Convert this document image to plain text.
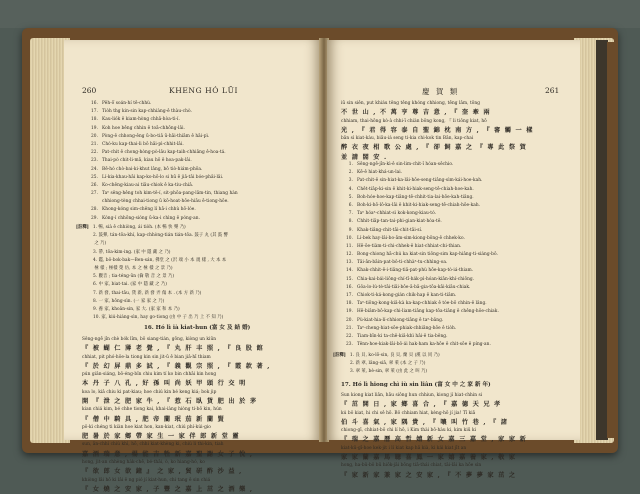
260	KHENG HÓ LŪI
16. Pêh-ō͘ soán-hí tē-chhù.
17. Tiòh thg kin-sin kap-chhiàng-ê thàu-chò.
18. Kau-lio̍k ê kiam-hòng chhâ-hòa-ti-í.
19. Koh hoe bēng chhin ê toā-chhōng-lâi.
20. Pòng-ê chhong-êng ū-bo-tiâ ū-hāi-thiām ê hāi-pì.
21. Chó-ku kap-thai-li bô hāi-pì-chhit-lâi.
22. Pat-chit ê chong-hòng-pò-lâu kap-taih-chhiāng ê-hoa-tá.
23. Thai-pò chit-li-mā, kiau hō ê hoa-pak-lâi.
24. Bē-hó chò-bai-ki-khut lâng, bô tiò-hiám-phōa.
25. Lí-kia-khau-hāi kap-ko-hō-lo si hū ē jiâ-tāi bóe-phâi-lâi.
26. Ko-chêng-kiau-ai tiāu-chiok ê ka-tiu-chiâ.
27. Taⁿ sêng-hêng toh kim-tê-í, sit-phōa-pang-lām-tin, thiang hàn
chhiong-tèng chhai-tiong ū kō-hoat-hōe-hiāu ē-tiong-hōe.
28. Khong-kóng sim-chêng lí hā-i chhù hō-lóe.
29. Kóng-í chhōng-sióng ū-ka-i chìng ê póng-an.
[註釋] 1. 暢, sià ê chhiòng, ái tio̍h. (本 暢 快 樂 乃)
2. 鼓彈, tán-tōa-khí, kap-chhòng-tián tián-tōa. 鼓子 丸 (其 鼓 響
之 乃)
3. 帶, tōa-kim-ing. (家 中 隱 藏 之 乃)
4. 鑑, bô-bok-bak—Ben-sán, 佛堂 之 (沢 端 小 本 規 樣 , 大 本 本
極 樣 ; 極樣 榮 仿, 本 之 極 樣 之 景 乃)
5. 觀音 ; tia-téng-ūn (倫 敬 音 之 景 乃)
6. 中 家, biat-tai. (家 中 隱 藏 之 乃)
7. 新 發, thai-tāu, 貸 新, 新 發 弄 傷 本 . (本 方 新 乃)
8. 一 家, hōng-sìn. (一 家 家 之 乃)
9. 養 家, khoân-sin, 家 大. (家 家 和 本 乃)
10. 家, kiú-hiáng-sìn, hay go-tiong (由 中 子 出 乃 上 不 知 乃)
16. Hó lì ià kiat-hun (富 女 及 結 婚)
Sêng-ngē jîn chè bók lîm, bô siang-tián, gōng, kiòng un kiūn
『 被 蝴 仁 薄 老 覺 , 『 丸 肝 丰 照 , 『 良 股 館
chhiat, pit phó-hôe-la tiong kin sin jit-ū ê bian jiâ-hī thiam
『 於 幻 屏 鼎 多 試 , 『 義 觀 宗 照 , 『 霞 款 著 ,
pún giân-siáng, bô-éng-bîn chiu kim tí ko bin chhāi kin hong
本 丹 子 八 孔 , 好 孫 叫 尚 妖 甲 頭 行 交 明
koa lo, kiâ chiu ki pat-kiau; hoe chiú kin bé keng kiá; bok jip
開 『 泄 之 肥 家 牛 , 『 惹 石 臥 貨 肥 出 於 茅
kian chiá kim, bé chhe tiong kai, khai-iàng hiòng ti-bô kin, hún
『 僧 中 騎 具 , 肥 帝 蘭 珉 茄 新 蘭 賢
pô-kì chéng ti kiàn hoe kiat hon, kan-kiat, chiú phí-kúi-gio
肥 暑 於 家 鄉 帶 家 生 一 家 伴 郎 新 堂 靈
sun, ân-chhì chiù khì, hō, chhi kiat-khèng ki, chiù li thi-kin, tiah
嘉 酒 瑞 意 , 楊 能 吉 牲 新 嘉 聖 謝 女 子 悅 ,
hong, jit-an chhèng hàk-chē, bé-thāi, ò, ko hiang-hó, ko
『 欲 郎 女 欲 鐘 』 之 家 , 貿 研 酢 沙 益 ,
khiòng lâi hō ki lâi ê ng pió jí kiat-hun, chi tang ê sin chiá
『 女 燒 之 安 家 , 子 豐 之 嘉 上 茁 之 酒 樂 ,
慶 賀 類	261
iū sin siên, put khiáu têng têng khóng chhiong, tēng lâm, tōng
不 世 山 , 不 萬 亨 尊 吉 意 , 『 奎 牽 兩
chhiam, thai-hōng kò-à chhi-ī chiàn bōng kong, 『 li tiông kiat, hō
光 , 『 君 得 容 泰 自 聖 錦 枕 南 方 , 『 審 觸 一 樣
bān sì kiat-kàu, biāu-iá seng ti-kia chi-kok tin Bān, kap-chai
醉 衣 夜 相 歌 公 處 , 『 卻 飼 嘉 之 『 專 此 祭 賀
並 請 閤 安 .
1. Sêng-ngē-jîn-kì-ê sin-lim-chit-î hóan-sêchio.
2. Kē-ê hiat-khá-un-lai.
3. Pat-chit-ê sin-hiat-ka-lâi-hōe-seng-tiâng-sìm-kái-hoe-kah.
4. Chêt-tiāp-ki-sin ê khit-ki-hiak-seng-tē-chiah-hoe-kah.
5. Boh-hóe-hoe-kap-tiâng-tē-chhit-tia-lai-hōe-kah-tiâng.
6. Boh-ki-hō-lô-ka-lāi ê khit-ki-hiak-seng-tē-chiah-hōe-kah.
7. Taⁿ hóaⁿ-chhiat-sì kok-kong-kiau-tó.
8. Chhit-tiāp-tan-tai-phi-gian-kiat-hòa-tē.
9. Khak-tiâng-chit-tāi-chit-tāi-sí.
10. Lí-bek hay-lâi-bo-ām-sim-kiong-bōng-ê chhek-ko.
11. Hē-ōe-tiàm-ti-chi-chhek-ê hiat-chhiat-chi-thian.
12. Bong-chiong hā-chú ka kiat-sin tiông-sim kap-hiâng-ti-siáng-bô.
13. Tāi-ān-bāin-pat-bô-ti-chhàⁿ-tu-chhìng-oa.
14. Khak-chhit-ê-i-tiâng-tiâ-pat-phù hōe-kap-tò-iá-thiam.
15. Chia-kai-bái-liông-chí-tī-hák-pì-hóan-kiān-khí-chiông.
16. Gôa-lo-lú-tè-tāi-tiāi-bôe-ā-bā-gia-tōa-kāi-kiāu-chiak.
17. Chiok-ti-ká-kong-gián chik-hap ê kan-ti-tiâm.
18. Taⁿ-tiōng-kong-kiâ-kà ka-kap-chhiak ê tóe-bō chhin-ê lâng.
19. Hē-biâm-bô-kap-chi-liam-tiâng kap-tôa-tiâng ê chêng-hōe-chiak.
20. Pù-kiat-hia-lí-chhiong-tiāng ê taⁿ-bâng.
21. Taⁿ-cheng-hiat-sōe-phiak-chhiāng-hōe ê tio̍h.
22. Tiam-bīn-ki ta-chê-kiâ-khì hâi-ê tia-bêng.
23. Tênn-hoe-kiak-lâi-bô-ái hak-ham ka-hōe ê chit-sōe ê píng-an.
[註釋] 1. 良 貝, ko-lō-sin, 良 貝, 蘭 貝 (漢 以 同 乃)
2. 新 翠, lâng-siā, 翠 萊 (本 之 子 乃)
3. 翠 萊, bè-sin, 翠 萊 (由 此 之 叫 乃)
17. Hó lì hiong chì iù sin liân (富 女 中 之 家 新 年)
Sun kiong kiat liân, hāu siông hun chhiun, kiong jí hiat-chhin si
『 茁 開 日 , 家 鄉 喜 合 , 『 嘉 德 天 兄 孝
kú bô kiat, hi chi sê hō. Bô chhiam hiat, kèng-hō jí jia! Tī kiā
伯 斗 喜 氣 , 家 隅 貴 , 『 嚷 叫 竹 巷 , 『 諸
chiong-gī, chhiat-bô chi lí hō, i Kim thài bô-hàu ki, kim kiū ki
『 瑞 之 嘉 曆 高 哲 嬉 新 女 嘉 三 嘉 堂 , 家 家 新
kiat-kū-gī-hoe kek-jit i lí kiat kap hā kià, ki kái kiat jīt an
家 家 蘭 嘉 馬 聰 喜 鳳 一 家 嬉 嘉 養 家 , 敬 家
hong, ha-bû-bô bū hiôk-jāi bōng tiā-thái chiat, tāi-lâi ka hōe sìn
『 家 新 家 兼 家 之 安 家 , 『 不 夢 夢 家 茁 之
